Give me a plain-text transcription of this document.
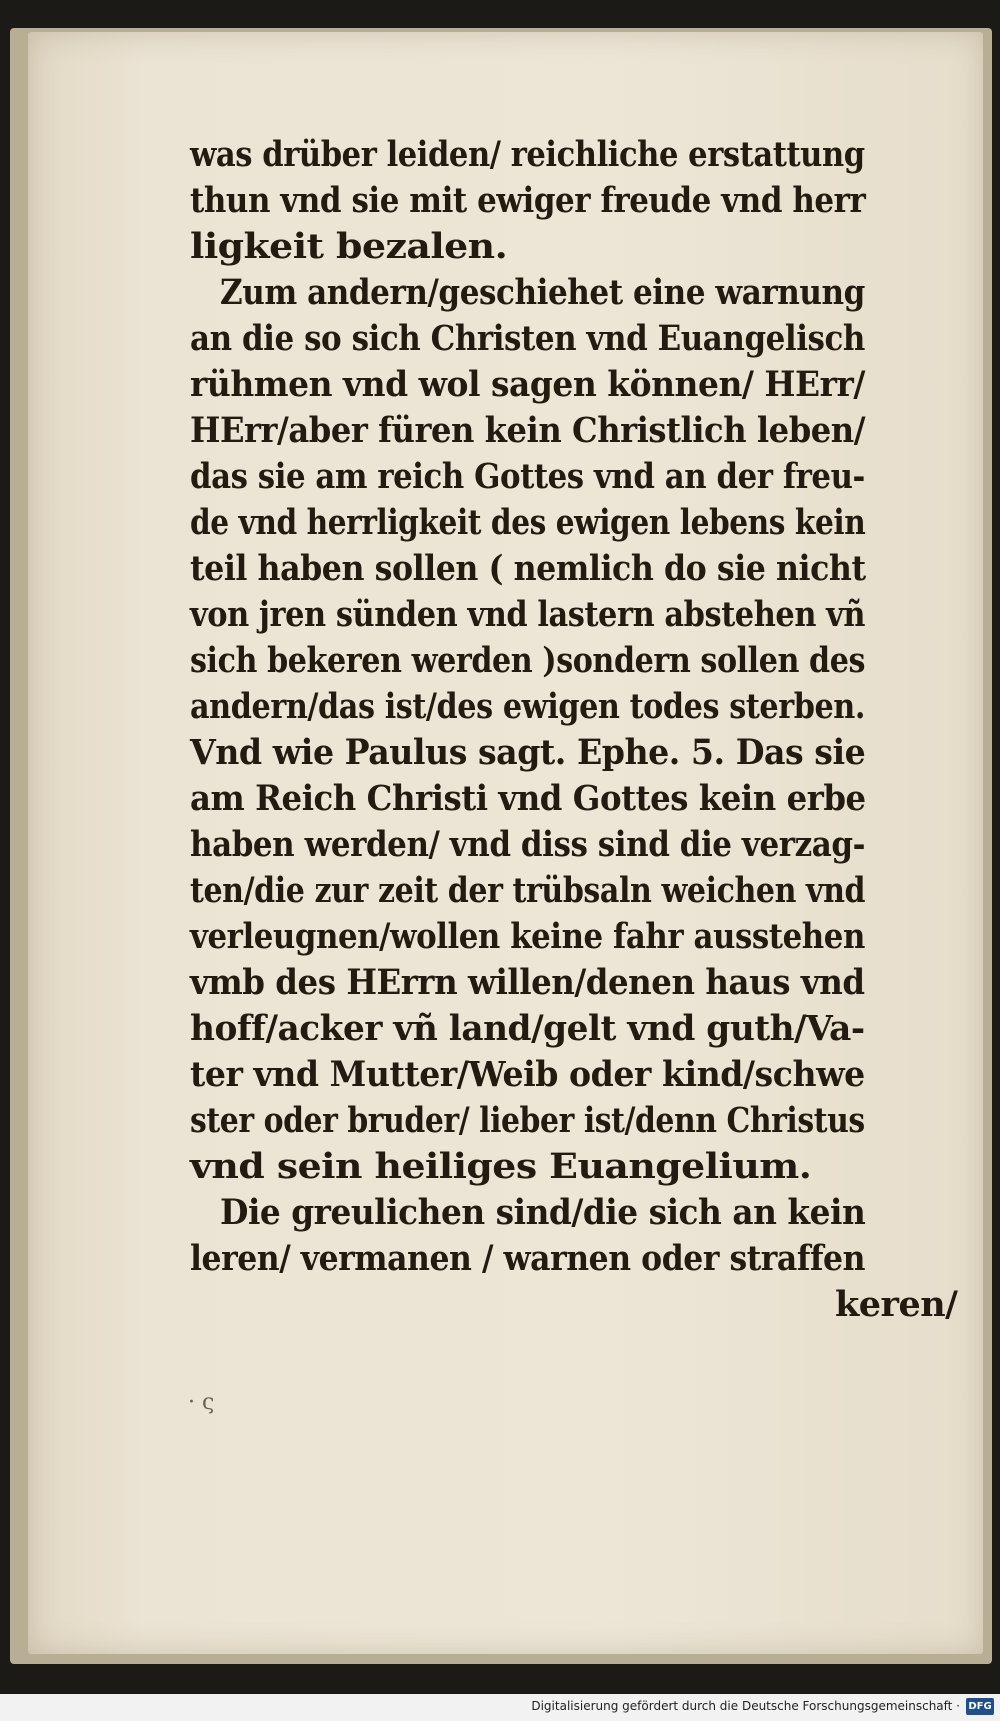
was drüber leiden/ reichliche erstattung
thun vnd sie mit ewiger freude vnd herr
ligkeit bezalen.
Zum andern/geschiehet eine warnung
an die so sich Christen vnd Euangelisch
rühmen vnd wol sagen können/ HErr/
HErr/aber füren kein Christlich leben/
das sie am reich Gottes vnd an der freu-
de vnd herrligkeit des ewigen lebens kein
teil haben sollen ( nemlich do sie nicht
von jren sünden vnd lastern abstehen vñ
sich bekeren werden )sondern sollen des
andern/das ist/des ewigen todes sterben.
Vnd wie Paulus sagt. Ephe. 5. Das sie
am Reich Christi vnd Gottes kein erbe
haben werden/ vnd diss sind die verzag-
ten/die zur zeit der trübsaln weichen vnd
verleugnen/wollen keine fahr ausstehen
vmb des HErrn willen/denen haus vnd
hoff/acker vñ land/gelt vnd guth/Va-
ter vnd Mutter/Weib oder kind/schwe
ster oder bruder/ lieber ist/denn Christus
vnd sein heiliges Euangelium.
Die greulichen sind/die sich an kein
leren/ vermanen / warnen oder straffen
keren/
· ς
Digitalisierung gefördert durch die Deutsche Forschungsgemeinschaft · DFG
